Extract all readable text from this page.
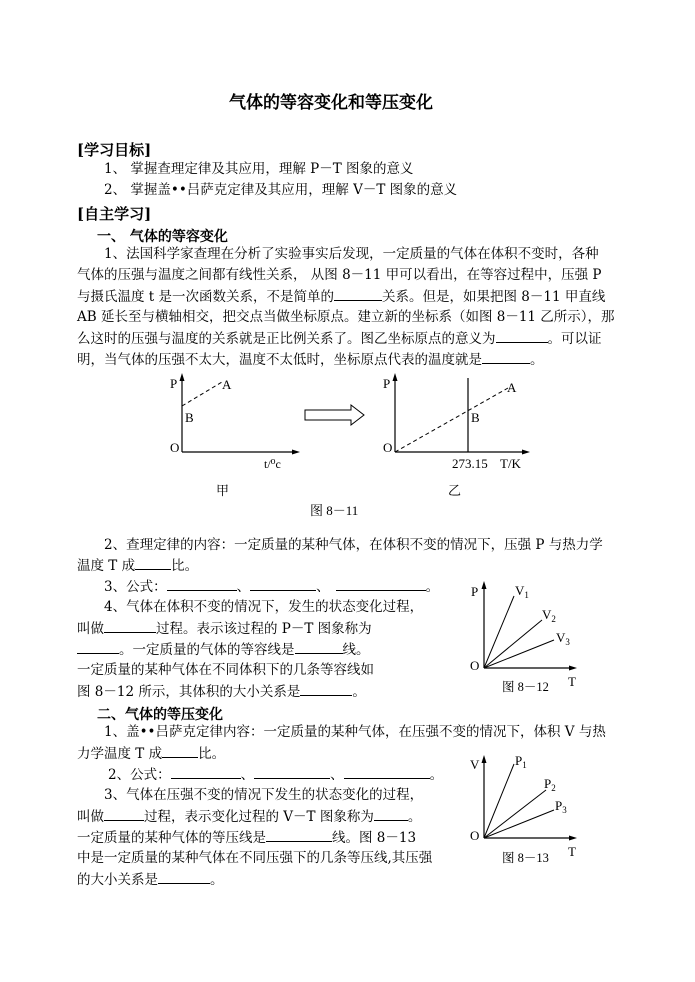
气体的等容变化和等压变化
[学习目标]
1、 掌握查理定律及其应用，理解 P－T 图象的意义
2、 掌握盖••吕萨克定律及其应用，理解 V－T 图象的意义
[自主学习]
一、 气体的等容变化
1、法国科学家查理在分析了实验事实后发现，一定质量的气体在体积不变时，各种
气体的压强与温度之间都有线性关系， 从图 8－11 甲可以看出，在等容过程中，压强 P
与摄氏温度 t 是一次函数关系，不是简单的	关系。但是，如果把图 8－11 甲直线
AB 延长至与横轴相交，把交点当做坐标原点。建立新的坐标系（如图 8－11 乙所示），那
么这时的压强与温度的关系就是正比例关系了。图乙坐标原点的意义为	。可以证
明，当气体的压强不太大，温度不太低时，坐标原点代表的温度就是	。
P	A
B
O
t/⁰c
甲
P	A
B
O
273.15 T/K
乙
图 8－11
2、查理定律的内容：一定质量的某种气体，在体积不变的情况下，压强 P 与热力学
温度 T 成	比。
3、公式：	、	、	。
4、气体在体积不变的情况下，发生的状态变化过程，
叫做	过程。表示该过程的 P－T 图象称为
。一定质量的气体的等容线是	线。
一定质量的某种气体在不同体积下的几条等容线如
图 8－12 所示，其体积的大小关系是	。
P	$V_1$
$V_2$
$V_3$
O
T
图 8－12
二、气体的等压变化
1、盖••吕萨克定律内容：一定质量的某种气体，在压强不变的情况下，体积 V 与热
力学温度 T 成	比。
2、公式：	、	、	。
3、气体在压强不变的情况下发生的状态变化的过程，
叫做	过程，表示变化过程的 V－T 图象称为	。
一定质量的某种气体的等压线是	线。图 8－13
中是一定质量的某种气体在不同压强下的几条等压线,其压强
的大小关系是	。
V	$P_1$
$P_2$
$P_3$
O
T
图 8－13
